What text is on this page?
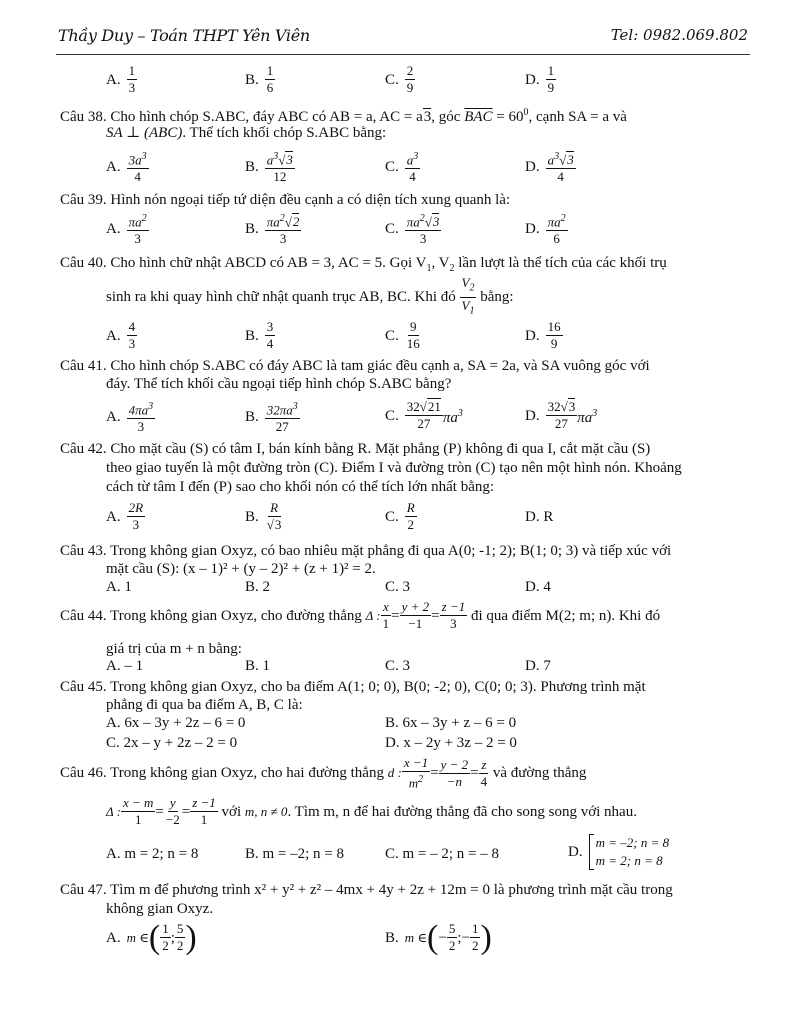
Thầy Duy – Toán THPT Yên Viên	Tel: 0982.069.802
A.
1
3	B.
1
6	C.
2
9	D.
1
9
Câu 38. Cho hình chóp S.ABC, đáy ABC có AB = a, AC = a3, góc $\overline{BAC} = 60^0$, cạnh SA = a và
SA ⊥ (ABC). Thể tích khối chóp S.ABC bằng:
A. $3a^3$
4
B. $a^3√3$
12
C. $a^3$
4
D. $a^3√3$
4
Câu 39. Hình nón ngoại tiếp tứ diện đều cạnh a có diện tích xung quanh là:
A. $\pi a^2$
3
B. $\pi a^2√2$
3
C. $\pi a^2√3$
3
D. $\pi a^2$
6
Câu 40. Cho hình chữ nhật ABCD có AB = 3, AC = 5. Gọi $V_1$, $V_2$ lần lượt là thể tích của các khối trụ
sinh ra khi quay hình chữ nhật quanh trục AB, BC. Khi đó

$V_2$
$V_1$

bằng:
A.
4
3	B.
3
4	C.
9
16	D.
16
9
Câu 41. Cho hình chóp S.ABC có đáy ABC là tam giác đều cạnh a, SA = 2a, và SA vuông góc với
đáy. Thể tích khối cầu ngoại tiếp hình chóp S.ABC bằng?
A. $4\pi a^3$
3
B. $32\pi a^3$
27
C.
32√21
27 $\pi a^3$	D.
32√3
27 $\pi a^3$
Câu 42. Cho mặt cầu (S) có tâm I, bán kính bằng R. Mặt phẳng (P) không đi qua I, cắt mặt cầu (S)
theo giao tuyến là một đường tròn (C). Điểm I và đường tròn (C) tạo nên một hình nón. Khoảng
cách từ tâm I đến (P) sao cho khối nón có thể tích lớn nhất bằng:
A.
2R
3	B.
R
√3	C.
R
2	D. R
Câu 43. Trong không gian Oxyz, có bao nhiêu mặt phẳng đi qua A(0; -1; 2); B(1; 0; 3) và tiếp xúc với
mặt cầu (S): (x – 1)² + (y – 2)² + (z + 1)² = 2.
A. 1	B. 2	C. 3	D. 4
Câu 44. Trong không gian Oxyz, cho đường thẳng
Δ :
x
1 =
y + 2
−1 =
z −1
3
đi qua điểm M(2; m; n). Khi đó
giá trị của m + n bằng:
A. – 1	B. 1	C. 3	D. 7
Câu 45. Trong không gian Oxyz, cho ba điểm A(1; 0; 0), B(0; -2; 0), C(0; 0; 3). Phương trình mặt
phẳng đi qua ba điểm A, B, C là:
A. 6x – 3y + 2z – 6 = 0	B. 6x – 3y + z – 6 = 0
C. 2x – y + 2z – 2 = 0	D. x – 2y + 3z – 2 = 0
Câu 46. Trong không gian Oxyz, cho hai đường thẳng
d :
x −1
$m^2$ =
y − 2
−n =
z
4
và đường thẳng
Δ :
x − m
1 =
y
−2 =
z −1
1
với
m, n ≠ 0 . Tìm m, n để hai đường thẳng đã cho song song với nhau.
A. m = 2; n = 8	B. m = –2; n = 8	C. m = – 2; n = – 8	D.
m = –2; n = 8
m = 2; n = 8
Câu 47. Tìm m để phương trình x² + y² + z² – 4mx + 4y + 2z + 12m = 0 là phương trình mặt cầu trong
không gian Oxyz.
A. m ∈ ( 1
2 ;
5
2 )	B. m ∈ ( −
5
2 ;−
1
2 )
